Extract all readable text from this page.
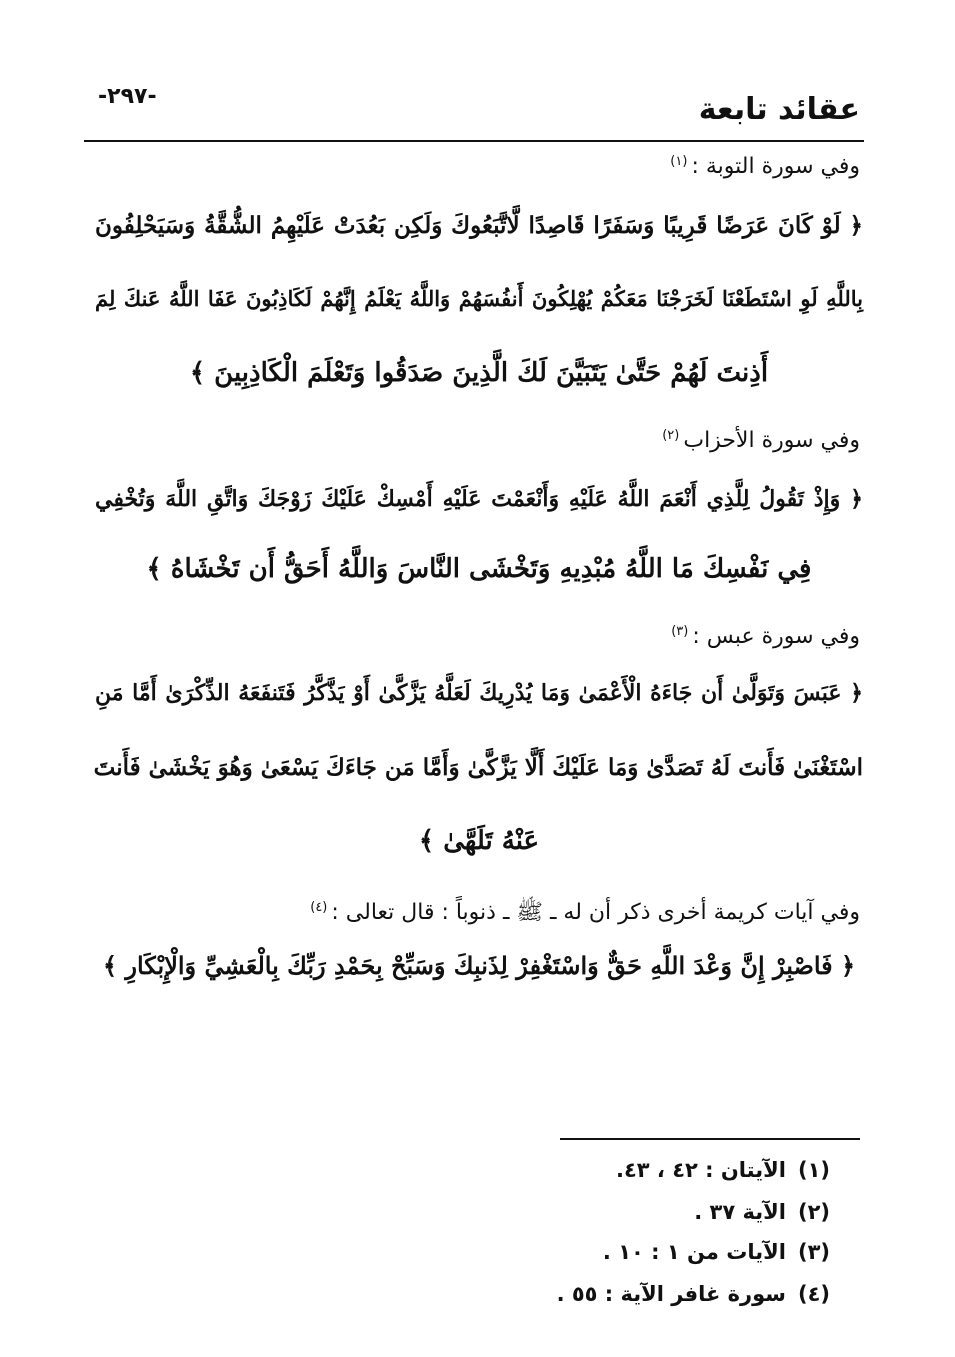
-٢٩٧-	عقائد تابعة
وفي سورة التوبة :$^{(١)}$
﴿ لَوْ كَانَ عَرَضًا قَرِيبًا وَسَفَرًا قَاصِدًا لَّاتَّبَعُوكَ وَلَكِن بَعُدَتْ عَلَيْهِمُ الشُّقَّةُ وَسَيَحْلِفُونَ
بِاللَّهِ لَوِ اسْتَطَعْنَا لَخَرَجْنَا مَعَكُمْ يُهْلِكُونَ أَنفُسَهُمْ وَاللَّهُ يَعْلَمُ إِنَّهُمْ لَكَاذِبُونَ عَفَا اللَّهُ عَنكَ لِمَ
أَذِنتَ لَهُمْ حَتَّىٰ يَتَبَيَّنَ لَكَ الَّذِينَ صَدَقُوا وَتَعْلَمَ الْكَاذِبِينَ ﴾
وفي سورة الأحزاب$^{(٢)}$
﴿ وَإِذْ تَقُولُ لِلَّذِي أَنْعَمَ اللَّهُ عَلَيْهِ وَأَنْعَمْتَ عَلَيْهِ أَمْسِكْ عَلَيْكَ زَوْجَكَ وَاتَّقِ اللَّهَ وَتُخْفِي
فِي نَفْسِكَ مَا اللَّهُ مُبْدِيهِ وَتَخْشَى النَّاسَ وَاللَّهُ أَحَقُّ أَن تَخْشَاهُ ﴾
وفي سورة عبس :$^{(٣)}$
﴿ عَبَسَ وَتَوَلَّىٰ أَن جَاءَهُ الْأَعْمَىٰ وَمَا يُدْرِيكَ لَعَلَّهُ يَزَّكَّىٰ أَوْ يَذَّكَّرُ فَتَنفَعَهُ الذِّكْرَىٰ أَمَّا مَنِ
اسْتَغْنَىٰ فَأَنتَ لَهُ تَصَدَّىٰ وَمَا عَلَيْكَ أَلَّا يَزَّكَّىٰ وَأَمَّا مَن جَاءَكَ يَسْعَىٰ وَهُوَ يَخْشَىٰ فَأَنتَ
عَنْهُ تَلَهَّىٰ ﴾
وفي آيات كريمة أخرى ذكر أن له ـ ﷺ ـ ذنوباً : قال تعالى :$^{(٤)}$
﴿ فَاصْبِرْ إِنَّ وَعْدَ اللَّهِ حَقٌّ وَاسْتَغْفِرْ لِذَنبِكَ وَسَبِّحْ بِحَمْدِ رَبِّكَ بِالْعَشِيِّ وَالْإِبْكَارِ ﴾
(١)الآيتان : ٤٢ ، ٤٣.
(٢)الآية ٣٧ .
(٣)الآيات من ١ : ١٠ .
(٤)سورة غافر الآية : ٥٥ .
